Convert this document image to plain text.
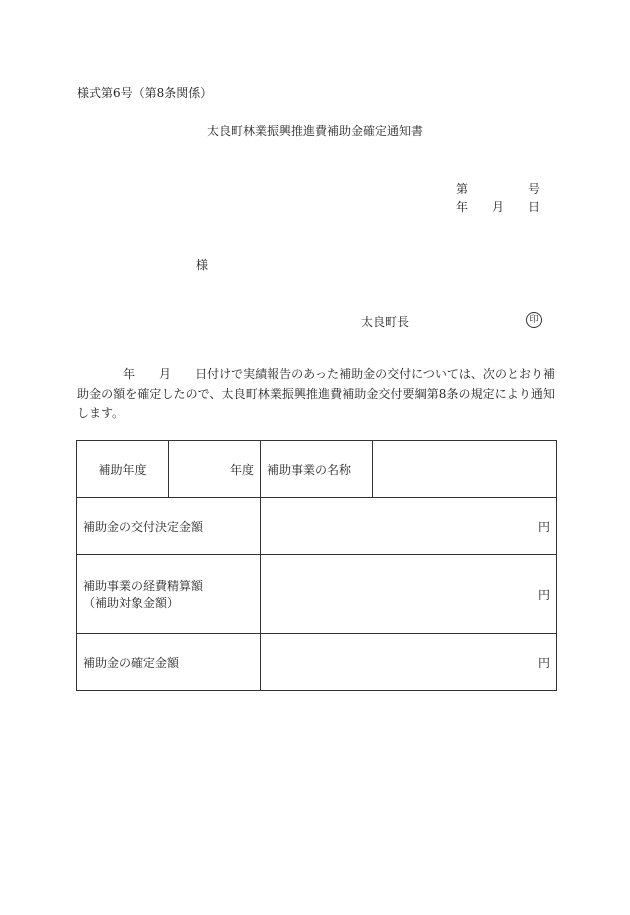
様式第6号（第8条関係）
太良町林業振興推進費補助金確定通知書
第	号
年 月 日
様
太良町長	印
年 月 日付けで実績報告のあった補助金の交付については、次のとおり補助金の額を確定したので、太良町林業振興推進費補助金交付要綱第8条の規定により通知します。
補助年度	年度	補助事業の名称	
補助金の交付決定金額		円	

補助事業の経費精算額
（補助対象金額）		円	
補助金の確定金額		円	
